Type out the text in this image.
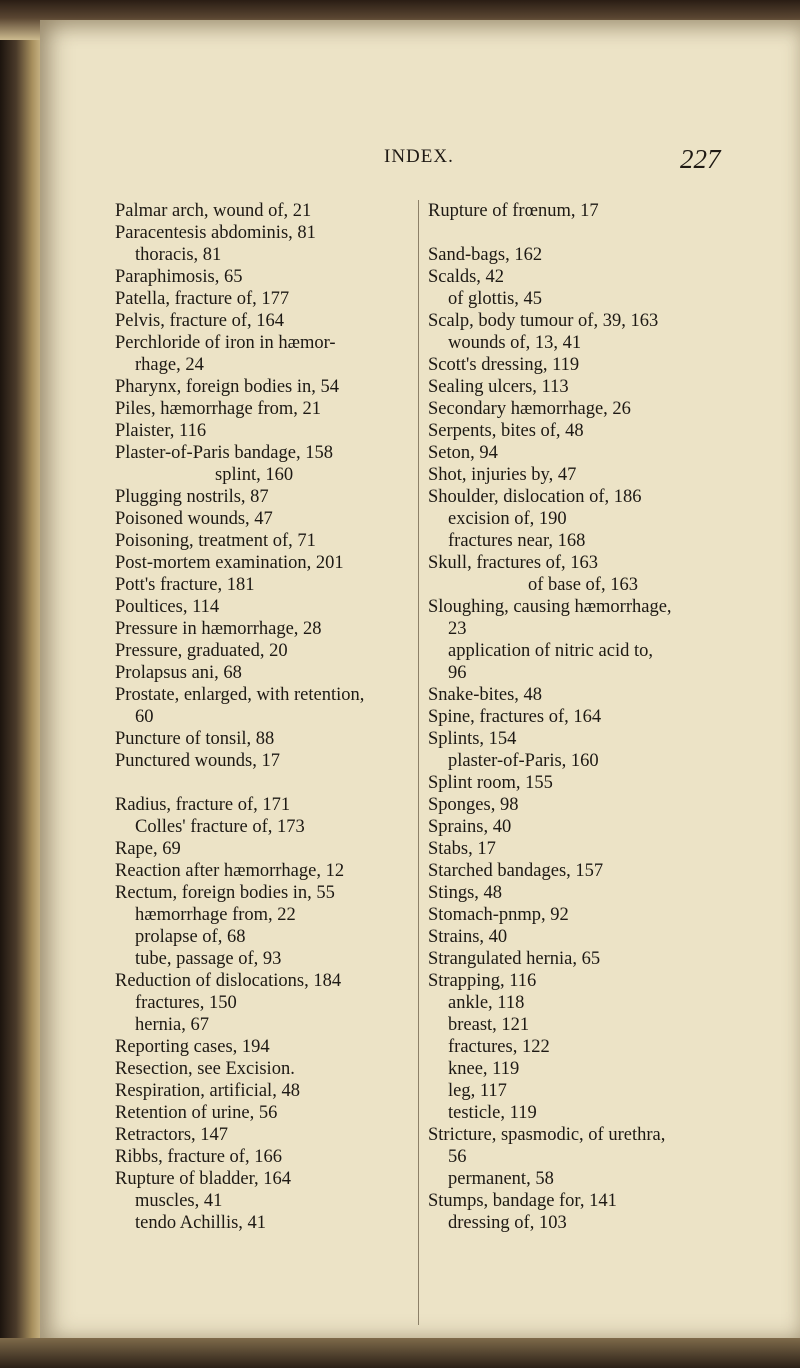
INDEX.	227
Palmar arch, wound of, 21
Paracentesis abdominis, 81
thoracis, 81
Paraphimosis, 65
Patella, fracture of, 177
Pelvis, fracture of, 164
Perchloride of iron in hæmor-
rhage, 24
Pharynx, foreign bodies in, 54
Piles, hæmorrhage from, 21
Plaister, 116
Plaster-of-Paris bandage, 158
splint, 160
Plugging nostrils, 87
Poisoned wounds, 47
Poisoning, treatment of, 71
Post-mortem examination, 201
Pott's fracture, 181
Poultices, 114
Pressure in hæmorrhage, 28
Pressure, graduated, 20
Prolapsus ani, 68
Prostate, enlarged, with retention,
60
Puncture of tonsil, 88
Punctured wounds, 17
Radius, fracture of, 171
Colles' fracture of, 173
Rape, 69
Reaction after hæmorrhage, 12
Rectum, foreign bodies in, 55
hæmorrhage from, 22
prolapse of, 68
tube, passage of, 93
Reduction of dislocations, 184
fractures, 150
hernia, 67
Reporting cases, 194
Resection, see Excision.
Respiration, artificial, 48
Retention of urine, 56
Retractors, 147
Ribbs, fracture of, 166
Rupture of bladder, 164
muscles, 41
tendo Achillis, 41
Rupture of frœnum, 17
Sand-bags, 162
Scalds, 42
of glottis, 45
Scalp, body tumour of, 39, 163
wounds of, 13, 41
Scott's dressing, 119
Sealing ulcers, 113
Secondary hæmorrhage, 26
Serpents, bites of, 48
Seton, 94
Shot, injuries by, 47
Shoulder, dislocation of, 186
excision of, 190
fractures near, 168
Skull, fractures of, 163
of base of, 163
Sloughing, causing hæmorrhage,
23
application of nitric acid to,
96
Snake-bites, 48
Spine, fractures of, 164
Splints, 154
plaster-of-Paris, 160
Splint room, 155
Sponges, 98
Sprains, 40
Stabs, 17
Starched bandages, 157
Stings, 48
Stomach-pnmp, 92
Strains, 40
Strangulated hernia, 65
Strapping, 116
ankle, 118
breast, 121
fractures, 122
knee, 119
leg, 117
testicle, 119
Stricture, spasmodic, of urethra,
56
permanent, 58
Stumps, bandage for, 141
dressing of, 103
